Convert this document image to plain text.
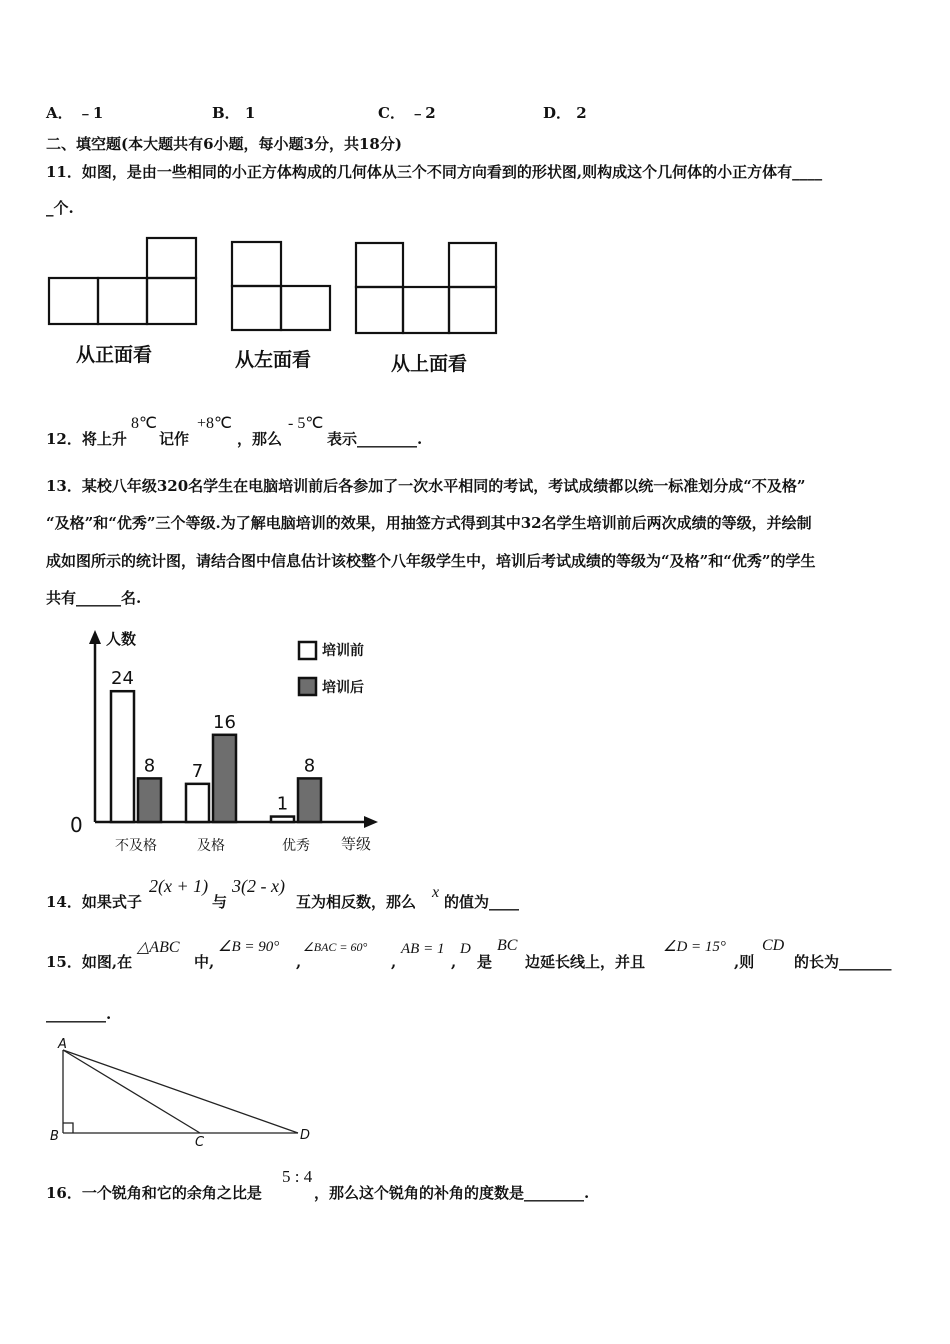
A． ﹣1	B． 1	C． ﹣2	D． 2
二、填空题(本大题共有6小题，每小题3分，共18分)
11．如图，是由一些相同的小正方体构成的几何体从三个不同方向看到的形状图,则构成这个几何体的小正方体有____
_个.
从正面看	从左面看	从上面看
12．将上升
8℃
记作
+8℃
，那么
- 5℃
表示________.
13．某校八年级320名学生在电脑培训前后各参加了一次水平相同的考试，考试成绩都以统一标准划分成“不及格”
“及格”和“优秀”三个等级.为了解电脑培训的效果，用抽签方式得到其中32名学生培训前后两次成绩的等级，并绘制
成如图所示的统计图，请结合图中信息估计该校整个八年级学生中，培训后考试成绩的等级为“及格”和“优秀”的学生
共有______名.
人数
等级
0
培训前
培训后
24
8
不及格
7
16
及格
1
8
优秀
14．如果式子
2(x + 1)
与
3(2 - x)
互为相反数，那么
x
的值为____
15．如图,在
△ABC
中,
∠B = 90°
,
∠BAC = 60°
,
AB = 1
,
D
是
BC
边延长线上，并且
∠D = 15°
,则
CD
的长为_______
________.
A
B	C	D
16．一个锐角和它的余角之比是
5 : 4
，那么这个锐角的补角的度数是________.
